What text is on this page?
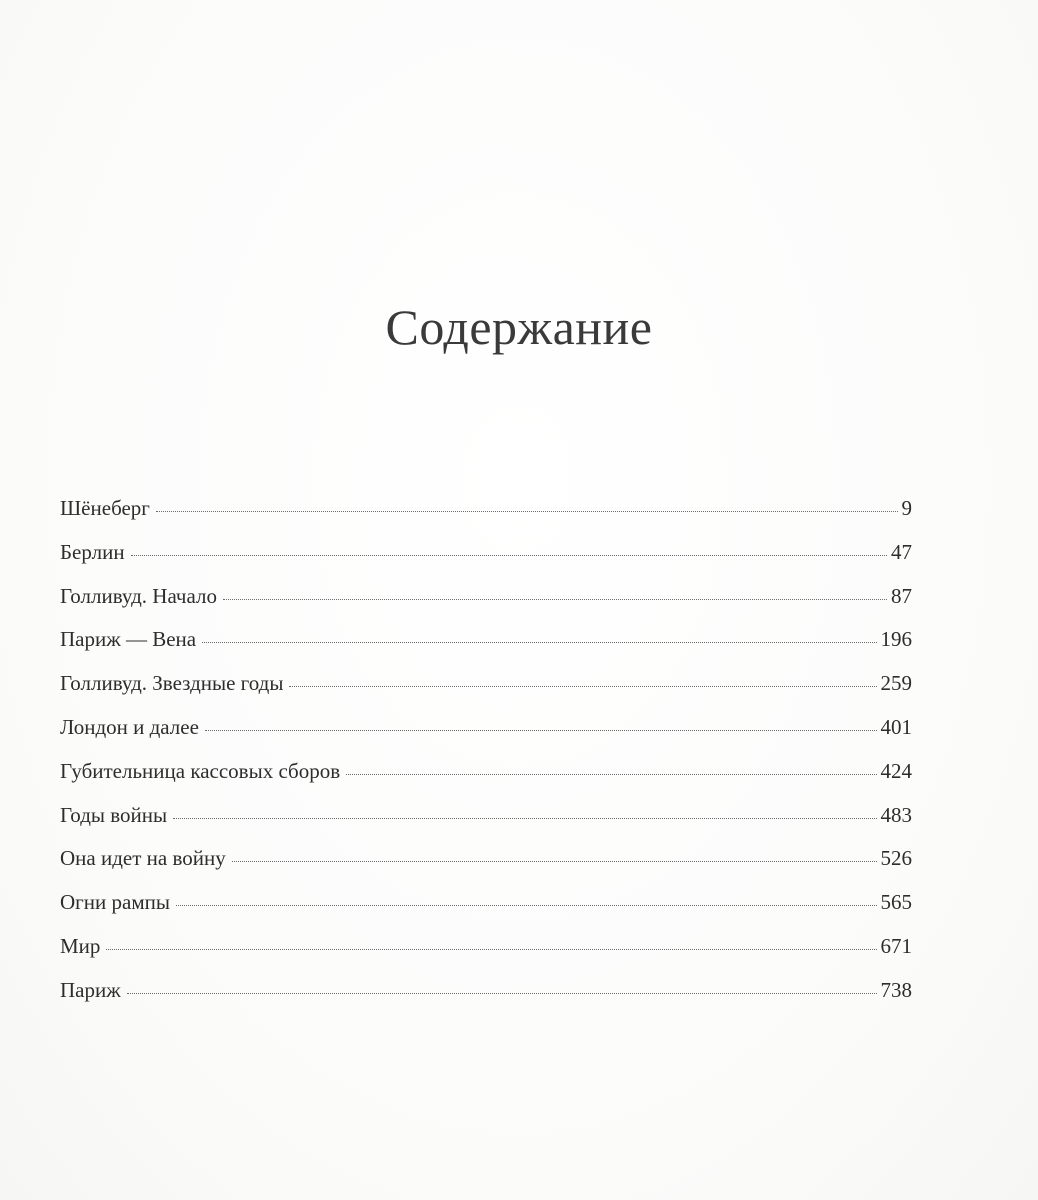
Содержание
Шёнеберг	9
Берлин	47
Голливуд. Начало	87
Париж — Вена	196
Голливуд. Звездные годы	259
Лондон и далее	401
Губительница кассовых сборов	424
Годы войны	483
Она идет на войну	526
Огни рампы	565
Мир	671
Париж	738
